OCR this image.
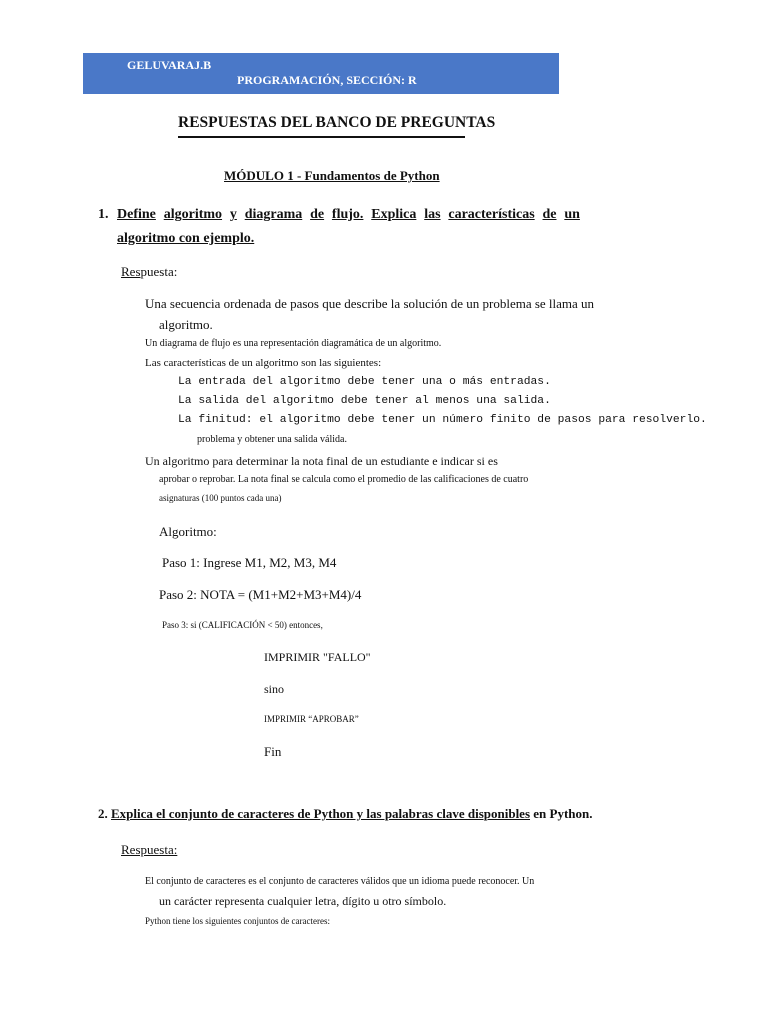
GELUVARAJ.B
PROGRAMACIÓN, SECCIÓN: R
RESPUESTAS DEL BANCO DE PREGUNTAS
MÓDULO 1 - Fundamentos de Python
1. Define algoritmo y diagrama de flujo. Explica las características de un
algoritmo con ejemplo.
Respuesta:
Una secuencia ordenada de pasos que describe la solución de un problema se llama un
algoritmo.
Un diagrama de flujo es una representación diagramática de un algoritmo.
Las características de un algoritmo son las siguientes:
La entrada del algoritmo debe tener una o más entradas.
La salida del algoritmo debe tener al menos una salida.
La finitud: el algoritmo debe tener un número finito de pasos para resolverlo.
problema y obtener una salida válida.
Un algoritmo para determinar la nota final de un estudiante e indicar si es
aprobar o reprobar. La nota final se calcula como el promedio de las calificaciones de cuatro
asignaturas (100 puntos cada una)
Algoritmo:
Paso 1: Ingrese M1, M2, M3, M4
Paso 2: NOTA = (M1+M2+M3+M4)/4
Paso 3: si (CALIFICACIÓN < 50) entonces,
IMPRIMIR "FALLO"
sino
IMPRIMIR “APROBAR”
Fin
2. Explica el conjunto de caracteres de Python y las palabras clave disponibles en Python.
Respuesta:
El conjunto de caracteres es el conjunto de caracteres válidos que un idioma puede reconocer. Un
un carácter representa cualquier letra, dígito u otro símbolo.
Python tiene los siguientes conjuntos de caracteres:
